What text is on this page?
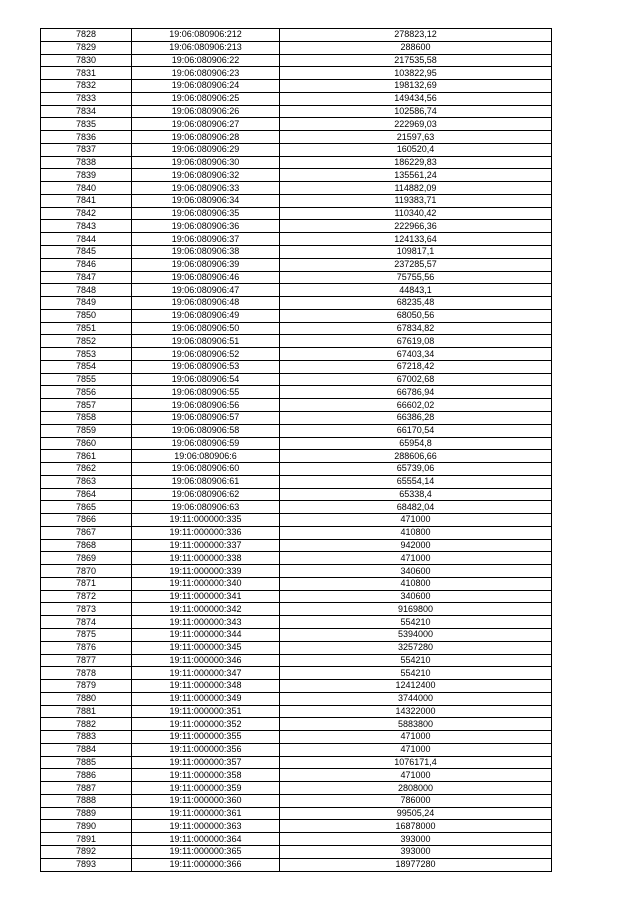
7828	19:06:080906:212	278823,12
7829	19:06:080906:213	288600
7830	19:06:080906:22	217535,58
7831	19:06:080906:23	103822,95
7832	19:06:080906:24	198132,69
7833	19:06:080906:25	149434,56
7834	19:06:080906:26	102586,74
7835	19:06:080906:27	222969,03
7836	19:06:080906:28	21597,63
7837	19:06:080906:29	160520,4
7838	19:06:080906:30	186229,83
7839	19:06:080906:32	135561,24
7840	19:06:080906:33	114882,09
7841	19:06:080906:34	119383,71
7842	19:06:080906:35	110340,42
7843	19:06:080906:36	222966,36
7844	19:06:080906:37	124133,64
7845	19:06:080906:38	109817,1
7846	19:06:080906:39	237285,57
7847	19:06:080906:46	75755,56
7848	19:06:080906:47	44843,1
7849	19:06:080906:48	68235,48
7850	19:06:080906:49	68050,56
7851	19:06:080906:50	67834,82
7852	19:06:080906:51	67619,08
7853	19:06:080906:52	67403,34
7854	19:06:080906:53	67218,42
7855	19:06:080906:54	67002,68
7856	19:06:080906:55	66786,94
7857	19:06:080906:56	66602,02
7858	19:06:080906:57	66386,28
7859	19:06:080906:58	66170,54
7860	19:06:080906:59	65954,8
7861	19:06:080906:6	288606,66
7862	19:06:080906:60	65739,06
7863	19:06:080906:61	65554,14
7864	19:06:080906:62	65338,4
7865	19:06:080906:63	68482,04
7866	19:11:000000:335	471000
7867	19:11:000000:336	410800
7868	19:11:000000:337	942000
7869	19:11:000000:338	471000
7870	19:11:000000:339	340600
7871	19:11:000000:340	410800
7872	19:11:000000:341	340600
7873	19:11:000000:342	9169800
7874	19:11:000000:343	554210
7875	19:11:000000:344	5394000
7876	19:11:000000:345	3257280
7877	19:11:000000:346	554210
7878	19:11:000000:347	554210
7879	19:11:000000:348	12412400
7880	19:11:000000:349	3744000
7881	19:11:000000:351	14322000
7882	19:11:000000:352	5883800
7883	19:11:000000:355	471000
7884	19:11:000000:356	471000
7885	19:11:000000:357	1076171,4
7886	19:11:000000:358	471000
7887	19:11:000000:359	2808000
7888	19:11:000000:360	786000
7889	19:11:000000:361	99505,24
7890	19:11:000000:363	16878000
7891	19:11:000000:364	393000
7892	19:11:000000:365	393000
7893	19:11:000000:366	18977280
